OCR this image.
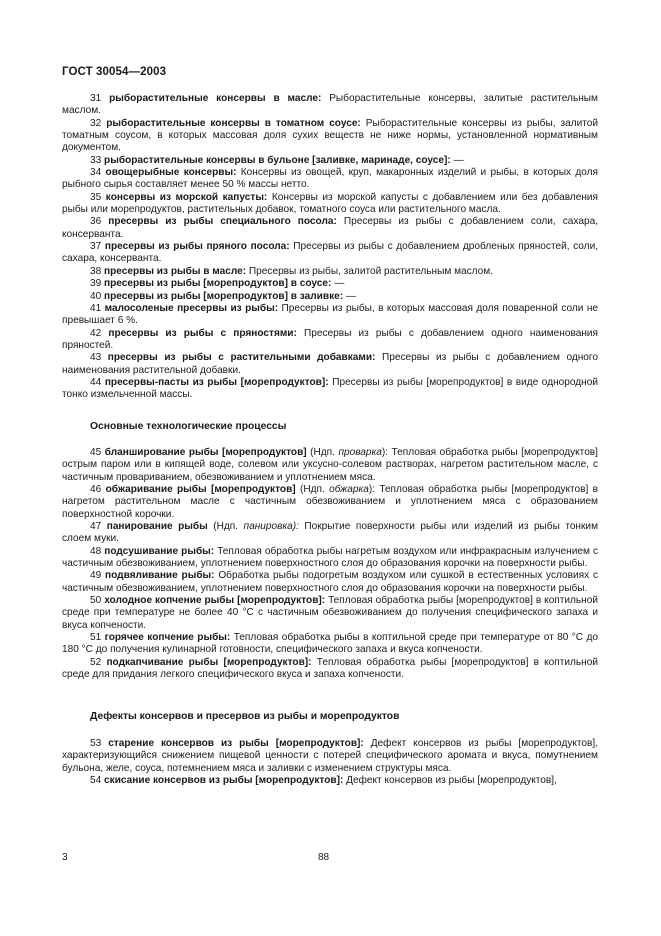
ГОСТ 30054—2003

31 рыборастительные консервы в масле: Рыборастительные консервы, залитые растительным маслом.

32 рыборастительные консервы в томатном соусе: Рыборастительные консервы из рыбы, залитой томатным соусом, в которых массовая доля сухих веществ не ниже нормы, установленной нормативным документом.

33 рыборастительные консервы в бульоне [заливке, маринаде, соусе]: —

34 овощерыбные консервы: Консервы из овощей, круп, макаронных изделий и рыбы, в которых доля рыбного сырья составляет менее 50 % массы нетто.

35 консервы из морской капусты: Консервы из морской капусты с добавлением или без добавления рыбы или морепродуктов, растительных добавок, томатного соуса или растительного масла.

36 пресервы из рыбы специального посола: Пресервы из рыбы с добавлением соли, сахара, консерванта.

37 пресервы из рыбы пряного посола: Пресервы из рыбы с добавлением дробленых пряностей, соли, сахара, консерванта.

38 пресервы из рыбы в масле: Пресервы из рыбы, залитой растительным маслом.

39 пресервы из рыбы [морепродуктов] в соусе: —

40 пресервы из рыбы [морепродуктов] в заливке: —

41 малосоленые пресервы из рыбы: Пресервы из рыбы, в которых массовая доля поваренной соли не превышает 6 %.

42 пресервы из рыбы с пряностями: Пресервы из рыбы с добавлением одного наименования пряностей.

43 пресервы из рыбы с растительными добавками: Пресервы из рыбы с добавлением одного наименования растительной добавки.

44 пресервы-пасты из рыбы [морепродуктов]: Пресервы из рыбы [морепродуктов] в виде однородной тонко измельченной массы.

Основные технологические процессы

45 бланширование рыбы [морепродуктов] (Ндп. проварка): Тепловая обработка рыбы [морепродуктов] острым паром или в кипящей воде, солевом или уксусно-солевом растворах, нагретом растительном масле, с частичным провариванием, обезвоживанием и уплотнением мяса.

46 обжаривание рыбы [морепродуктов] (Ндп. обжарка): Тепловая обработка рыбы [морепродуктов] в нагретом растительном масле с частичным обезвоживанием и уплотнением мяса с образованием поверхностной корочки.

47 панирование рыбы (Ндп. панировка): Покрытие поверхности рыбы или изделий из рыбы тонким слоем муки.

48 подсушивание рыбы: Тепловая обработка рыбы нагретым воздухом или инфракрасным излучением с частичным обезвоживанием, уплотнением поверхностного слоя до образования корочки на поверхности рыбы.

49 подвяливание рыбы: Обработка рыбы подогретым воздухом или сушкой в естественных условиях с частичным обезвоживанием, уплотнением поверхностного слоя до образования корочки на поверхности рыбы.

50 холодное копчение рыбы [морепродуктов]: Тепловая обработка рыбы [морепродуктов] в коптильной среде при температуре не более 40 °С с частичным обезвоживанием до получения специфического запаха и вкуса копчености.

51 горячее копчение рыбы: Тепловая обработка рыбы в коптильной среде при температуре от 80 °С до 180 °С до получения кулинарной готовности, специфического запаха и вкуса копчености.

52 подкапчивание рыбы [морепродуктов]: Тепловая обработка рыбы [морепродуктов] в коптильной среде для придания легкого специфического вкуса и запаха копчености.

Дефекты консервов и пресервов из рыбы и морепродуктов

53 старение консервов из рыбы [морепродуктов]: Дефект консервов из рыбы [морепродуктов], характеризующийся снижением пищевой ценности с потерей специфического аромата и вкуса, помутнением бульона, желе, соуса, потемнением мяса и заливки с изменением структуры мяса.

54 скисание консервов из рыбы [морепродуктов]: Дефект консервов из рыбы [морепродуктов],

3	88
